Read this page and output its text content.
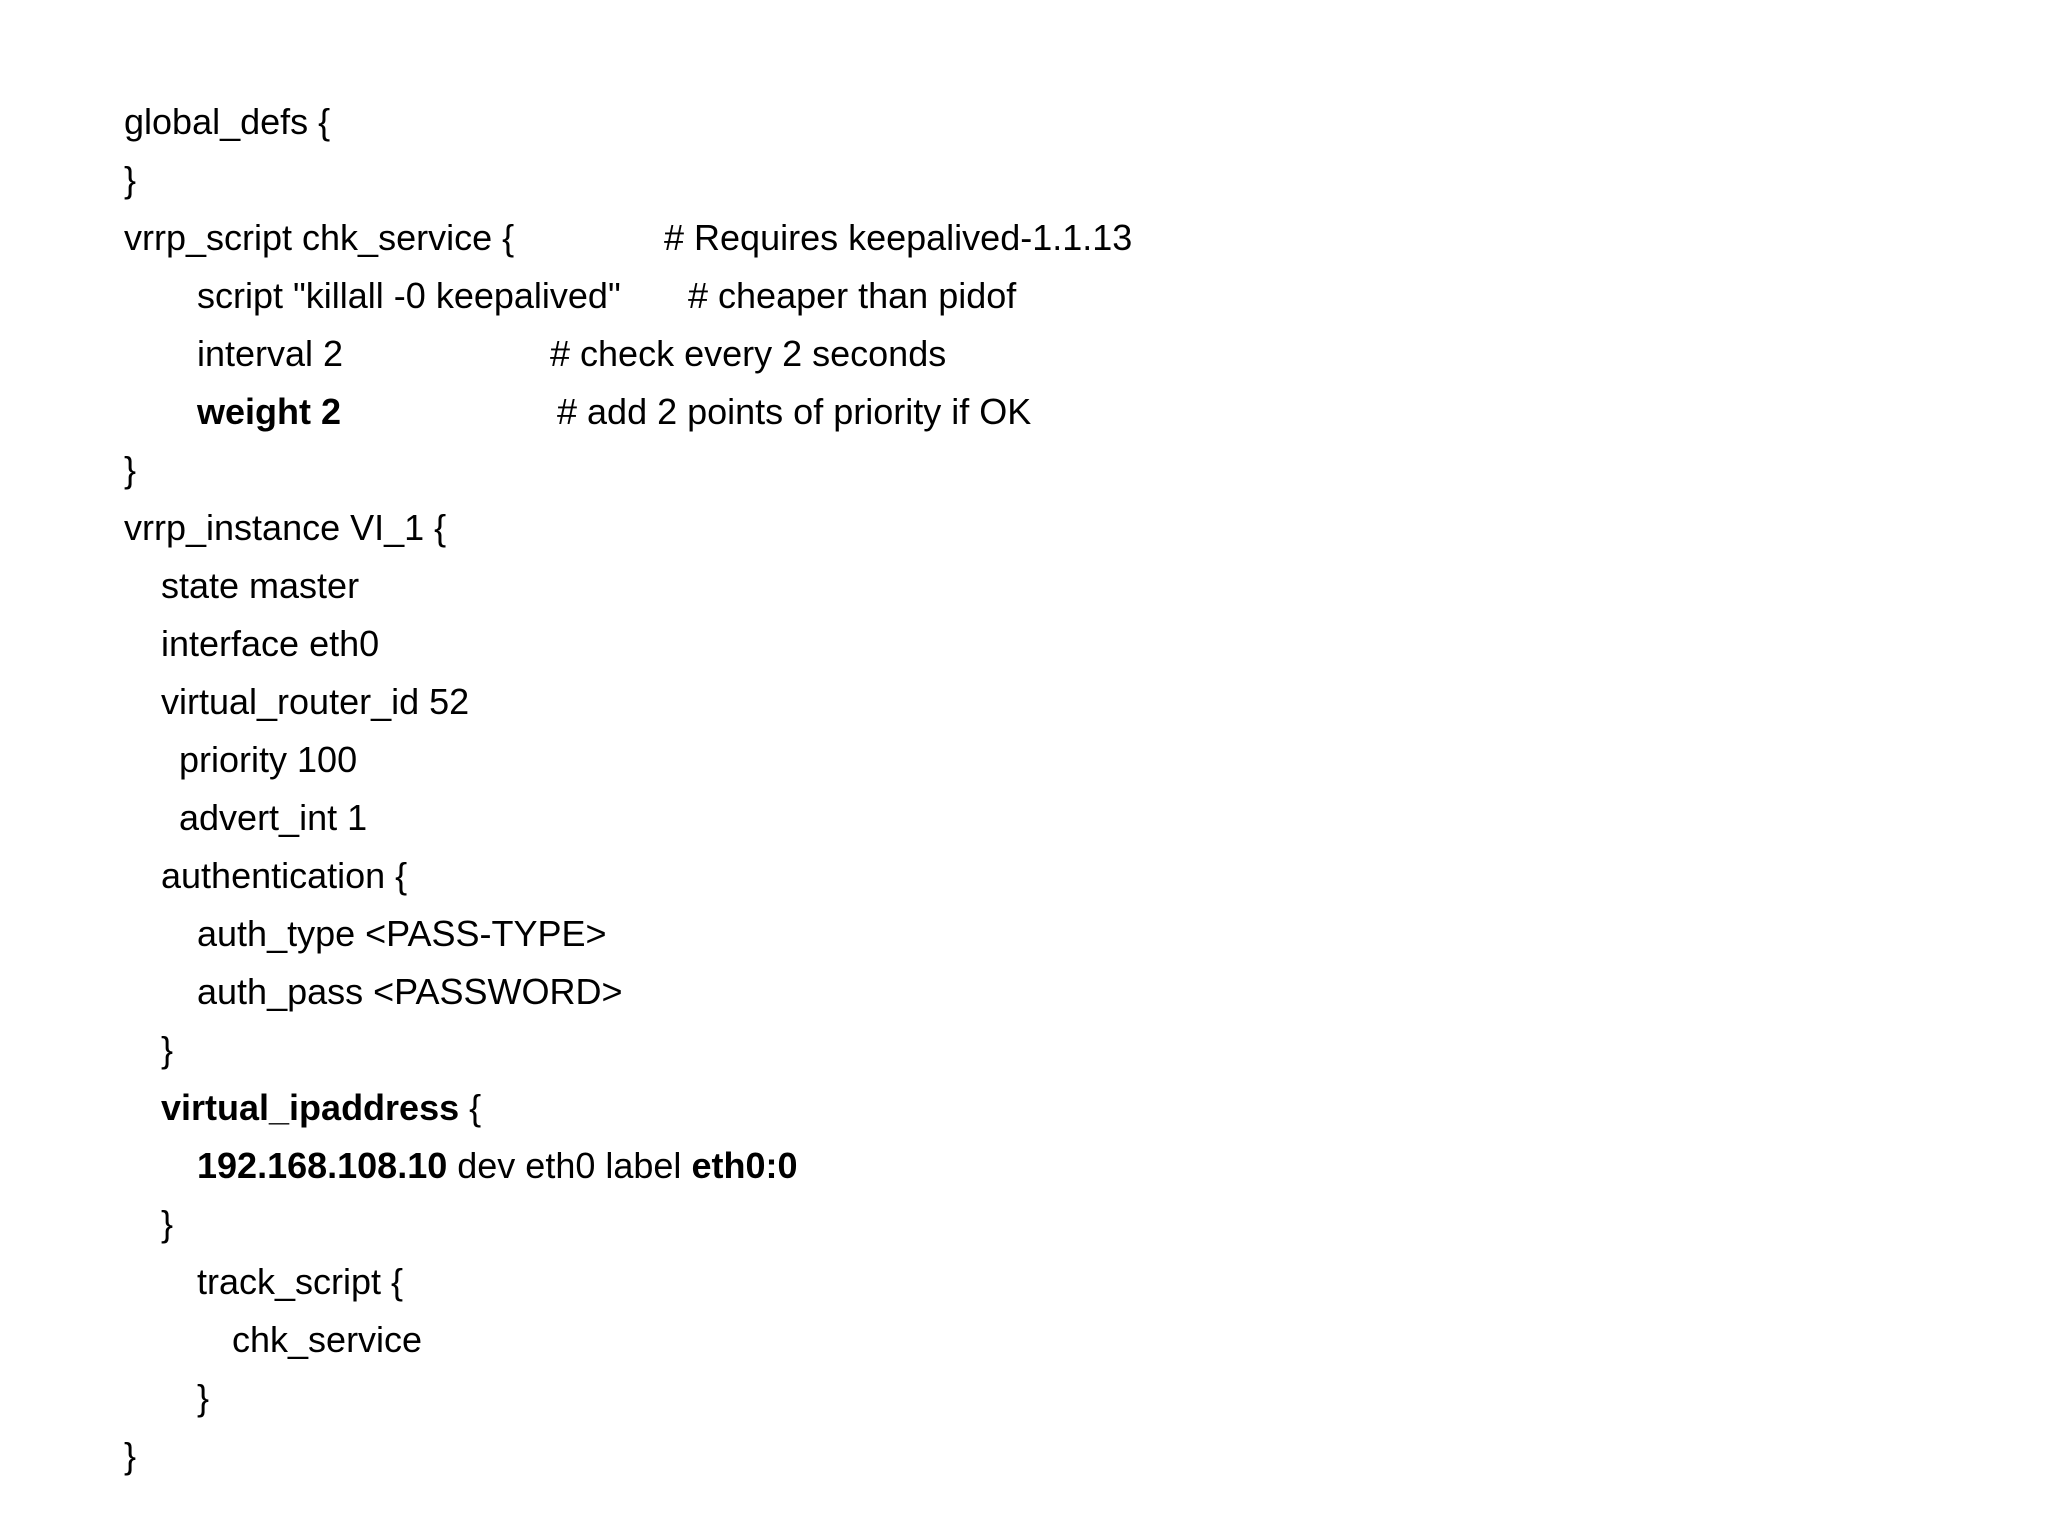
global_defs {
}
vrrp_script chk_service {	# Requires keepalived-1.1.13
script "killall -0 keepalived" # cheaper than pidof
interval 2	# check every 2 seconds
weight 2	# add 2 points of priority if OK
}
vrrp_instance VI_1 {
state master
interface eth0
virtual_router_id 52
priority 100
advert_int 1
authentication {
auth_type <PASS-TYPE>
auth_pass <PASSWORD>
}
virtual_ipaddress {
192.168.108.10 dev eth0 label eth0:0
}
track_script {
chk_service
}
}
